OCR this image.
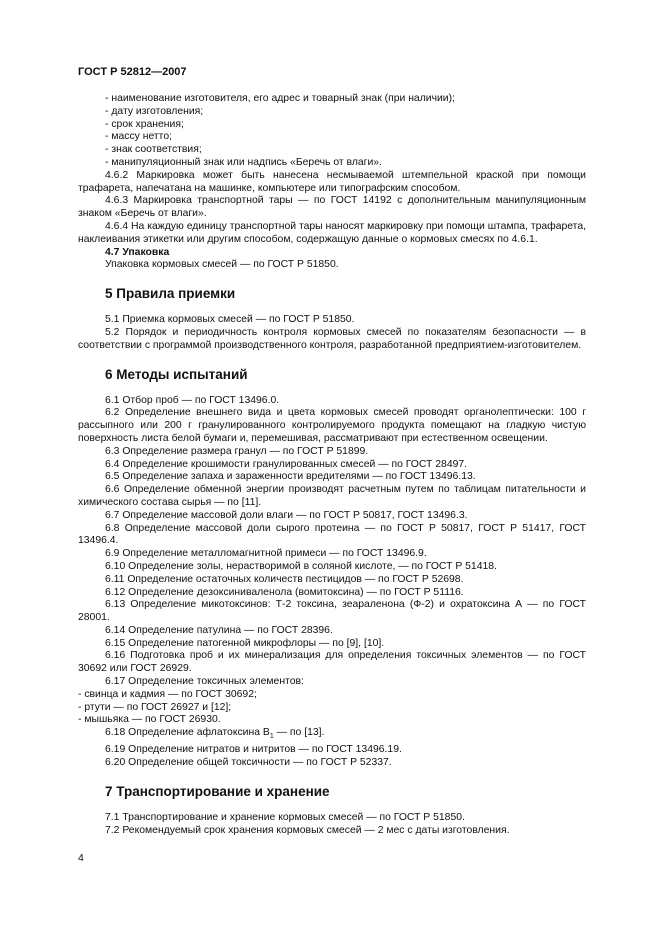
ГОСТ Р 52812—2007
- наименование изготовителя, его адрес и товарный знак (при наличии);
- дату изготовления;
- срок хранения;
- массу нетто;
- знак соответствия;
- манипуляционный знак или надпись «Беречь от влаги».
4.6.2 Маркировка может быть нанесена несмываемой штемпельной краской при помощи трафарета, напечатана на машинке, компьютере или типографским способом.
4.6.3 Маркировка транспортной тары — по ГОСТ 14192 с дополнительным манипуляционным знаком «Беречь от влаги».
4.6.4 На каждую единицу транспортной тары наносят маркировку при помощи штампа, трафарета, наклеивания этикетки или другим способом, содержащую данные о кормовых смесях по 4.6.1.
4.7 Упаковка
Упаковка кормовых смесей — по ГОСТ Р 51850.
5 Правила приемки
5.1 Приемка кормовых смесей — по ГОСТ Р 51850.
5.2 Порядок и периодичность контроля кормовых смесей по показателям безопасности — в соответствии с программой производственного контроля, разработанной предприятием-изготовителем.
6 Методы испытаний
6.1 Отбор проб — по ГОСТ 13496.0.
6.2 Определение внешнего вида и цвета кормовых смесей проводят органолептически: 100 г рассыпного или 200 г гранулированного контролируемого продукта помещают на гладкую чистую поверхность листа белой бумаги и, перемешивая, рассматривают при естественном освещении.
6.3 Определение размера гранул — по ГОСТ Р 51899.
6.4 Определение крошимости гранулированных смесей — по ГОСТ 28497.
6.5 Определение запаха и зараженности вредителями — по ГОСТ 13496.13.
6.6 Определение обменной энергии производят расчетным путем по таблицам питательности и химического состава сырья — по [11].
6.7 Определение массовой доли влаги — по ГОСТ Р 50817, ГОСТ 13496.3.
6.8 Определение массовой доли сырого протеина — по ГОСТ Р 50817, ГОСТ Р 51417, ГОСТ 13496.4.
6.9 Определение металломагнитной примеси — по ГОСТ 13496.9.
6.10 Определение золы, нерастворимой в соляной кислоте, — по ГОСТ Р 51418.
6.11 Определение остаточных количеств пестицидов — по ГОСТ Р 52698.
6.12 Определение дезоксиниваленола (вомитоксина) — по ГОСТ Р 51116.
6.13 Определение микотоксинов: Т-2 токсина, зеараленона (Ф-2) и охратоксина А — по ГОСТ 28001.
6.14 Определение патулина — по ГОСТ 28396.
6.15 Определение патогенной микрофлоры — по [9], [10].
6.16 Подготовка проб и их минерализация для определения токсичных элементов — по ГОСТ 30692 или ГОСТ 26929.
6.17 Определение токсичных элементов:
- свинца и кадмия — по ГОСТ 30692;
- ртути — по ГОСТ 26927 и [12];
- мышьяка — по ГОСТ 26930.
6.18 Определение афлатоксина $B_1$ — по [13].
6.19 Определение нитратов и нитритов — по ГОСТ 13496.19.
6.20 Определение общей токсичности — по ГОСТ Р 52337.
7 Транспортирование и хранение
7.1 Транспортирование и хранение кормовых смесей — по ГОСТ Р 51850.
7.2 Рекомендуемый срок хранения кормовых смесей — 2 мес с даты изготовления.
4
